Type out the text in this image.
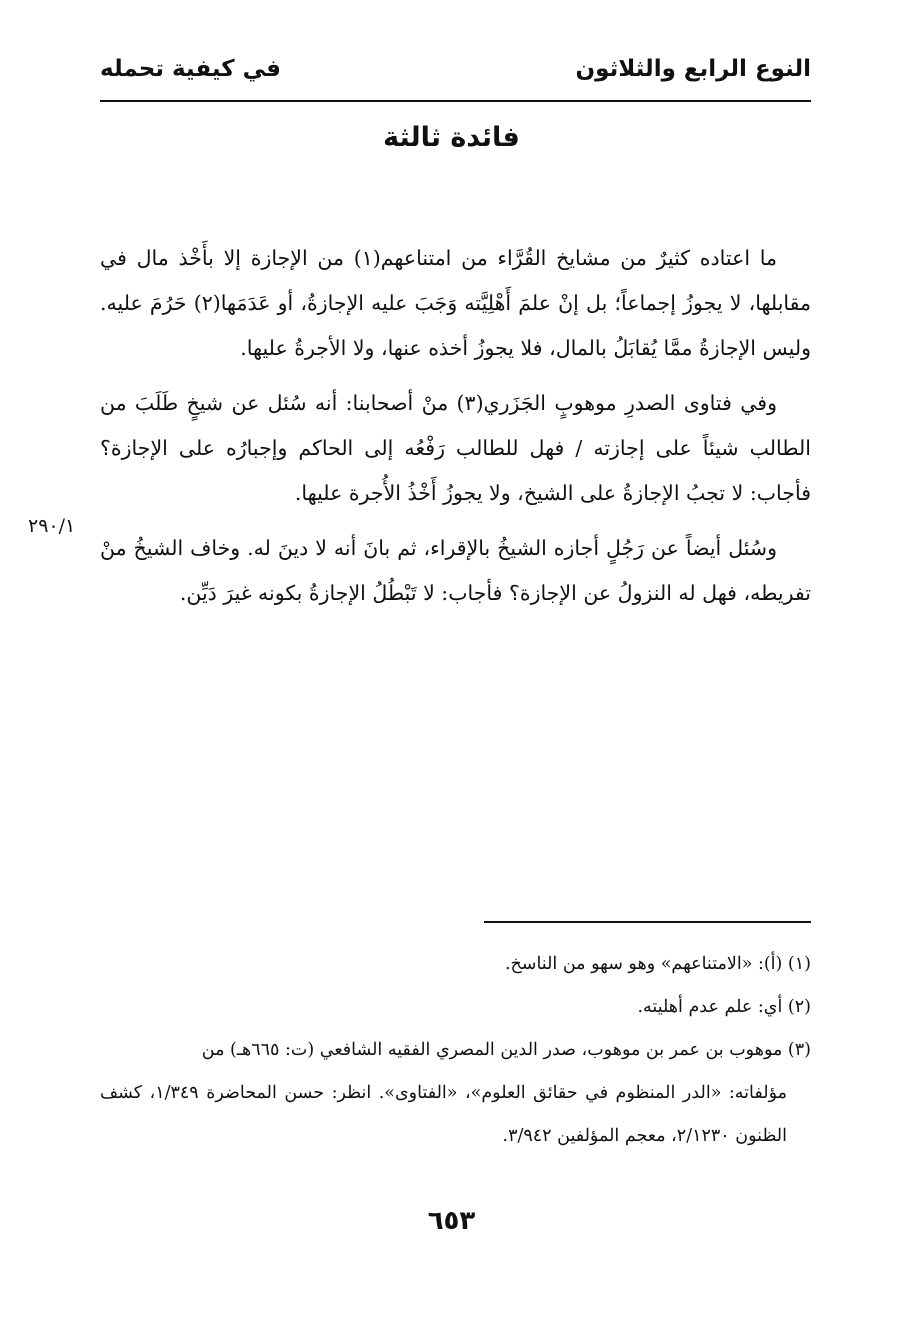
النوع الرابع والثلاثون
في كيفية تحمله
فائدة ثالثة

ما اعتاده كثيرٌ من مشايخ القُرَّاء من امتناعهم(١) من الإجازة إلا بأَخْذ مال في مقابلها، لا يجوزُ إجماعاً؛ بل إنْ علمَ أَهْلِيَّته وَجَبَ عليه الإجازةُ، أو عَدَمَها(٢) حَرُمَ عليه. وليس الإجازةُ ممَّا يُقابَلُ بالمال، فلا يجوزُ أخذه عنها، ولا الأجرةُ عليها.

وفي فتاوى الصدرِ موهوبٍ الجَزَري(٣) منْ أصحابنا: أنه سُئل عن شيخٍ طَلَبَ من الطالب شيئاً على إجازته / فهل للطالب رَفْعُه إلى الحاكم وإجبارُه على الإجازة؟ فأجاب: لا تجبُ الإجازةُ على الشيخ، ولا يجوزُ أَخْذُ الأُجرة عليها.

وسُئل أيضاً عن رَجُلٍ أجازه الشيخُ بالإقراء، ثم بانَ أنه لا دينَ له. وخاف الشيخُ منْ تفريطه، فهل له النزولُ عن الإجازة؟ فأجاب: لا تَبْطُلُ الإجازةُ بكونه غيرَ دَيِّن.

٢٩٠/١

(١) (أ): «الامتناعهم» وهو سهو من الناسخ.

(٢) أي: علم عدم أهليته.

(٣) موهوب بن عمر بن موهوب، صدر الدين المصري الفقيه الشافعي (ت: ٦٦٥هـ) من

مؤلفاته: «الدر المنظوم في حقائق العلوم»، «الفتاوى». انظر: حسن المحاضرة ١/٣٤٩، كشف الظنون ٢/١٢٣٠، معجم المؤلفين ٣/٩٤٢.

٦٥٣
